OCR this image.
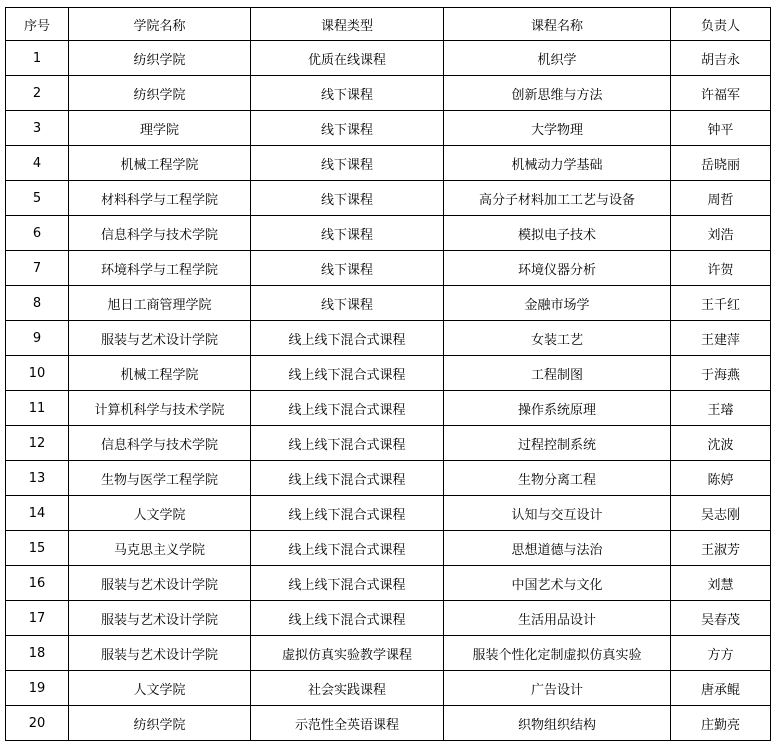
序号	学院名称	课程类型	课程名称	负责人
1	纺织学院	优质在线课程	机织学	胡吉永
2	纺织学院	线下课程	创新思维与方法	许福军
3	理学院	线下课程	大学物理	钟平
4	机械工程学院	线下课程	机械动力学基础	岳晓丽
5	材料科学与工程学院	线下课程	高分子材料加工工艺与设备	周哲
6	信息科学与技术学院	线下课程	模拟电子技术	刘浩
7	环境科学与工程学院	线下课程	环境仪器分析	许贺
8	旭日工商管理学院	线下课程	金融市场学	王千红
9	服装与艺术设计学院	线上线下混合式课程	女装工艺	王建萍
10	机械工程学院	线上线下混合式课程	工程制图	于海燕
11	计算机科学与技术学院	线上线下混合式课程	操作系统原理	王璿
12	信息科学与技术学院	线上线下混合式课程	过程控制系统	沈波
13	生物与医学工程学院	线上线下混合式课程	生物分离工程	陈婷
14	人文学院	线上线下混合式课程	认知与交互设计	吴志刚
15	马克思主义学院	线上线下混合式课程	思想道德与法治	王淑芳
16	服装与艺术设计学院	线上线下混合式课程	中国艺术与文化	刘慧
17	服装与艺术设计学院	线上线下混合式课程	生活用品设计	吴春茂
18	服装与艺术设计学院	虚拟仿真实验教学课程	服装个性化定制虚拟仿真实验	方方
19	人文学院	社会实践课程	广告设计	唐承鲲
20	纺织学院	示范性全英语课程	织物组织结构	庄勤亮
